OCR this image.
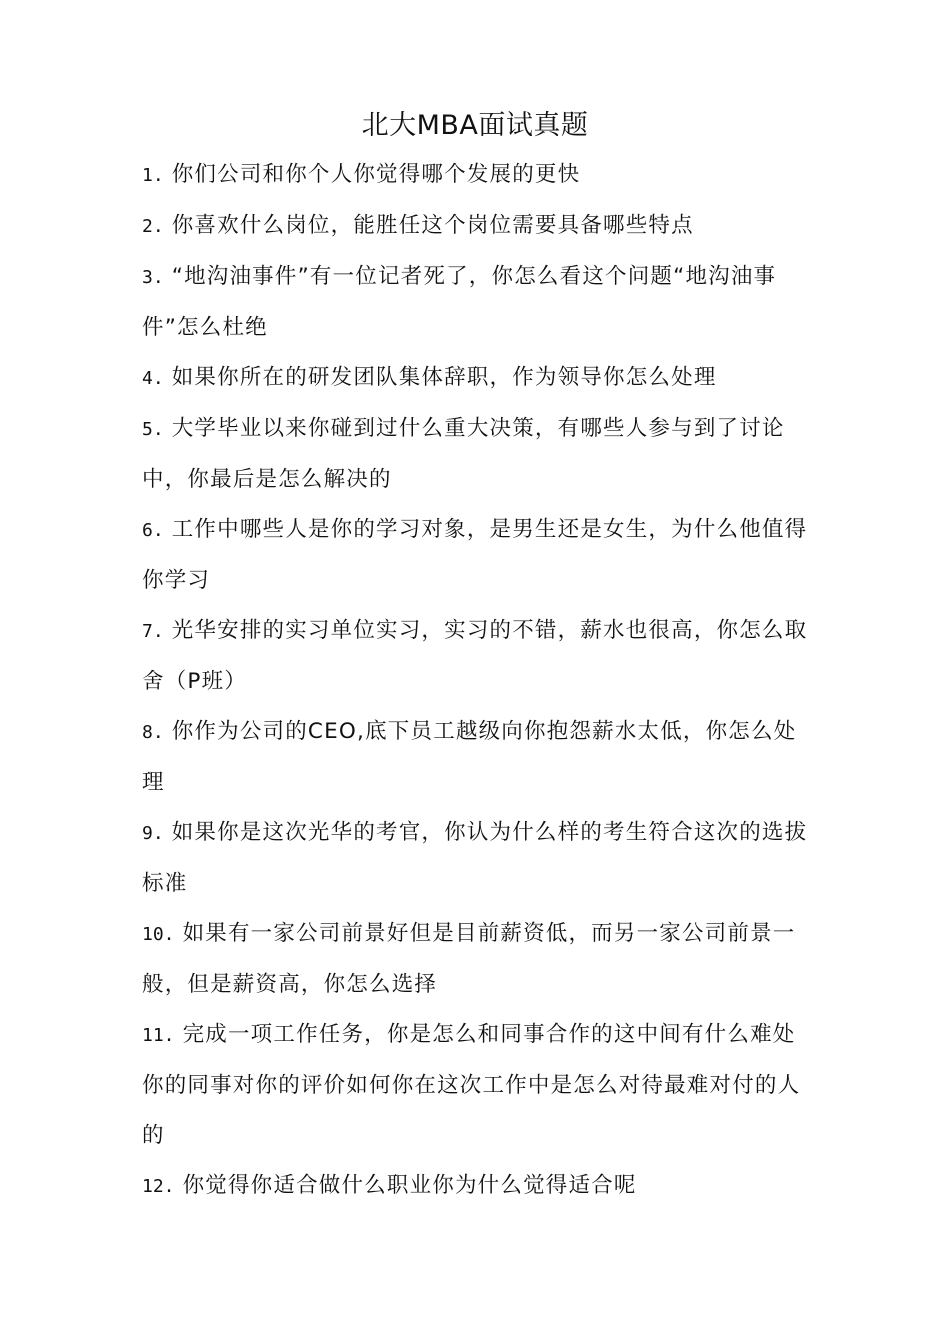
北大MBA面试真题
1. 你们公司和你个人你觉得哪个发展的更快
2. 你喜欢什么岗位，能胜任这个岗位需要具备哪些特点
3. “地沟油事件”有一位记者死了，你怎么看这个问题“地沟油事件”怎么杜绝
4. 如果你所在的研发团队集体辞职，作为领导你怎么处理
5. 大学毕业以来你碰到过什么重大决策，有哪些人参与到了讨论中，你最后是怎么解决的
6. 工作中哪些人是你的学习对象，是男生还是女生，为什么他值得你学习
7. 光华安排的实习单位实习，实习的不错，薪水也很高，你怎么取舍（P班）
8. 你作为公司的CEO,底下员工越级向你抱怨薪水太低，你怎么处理
9. 如果你是这次光华的考官，你认为什么样的考生符合这次的选拔标准
10. 如果有一家公司前景好但是目前薪资低，而另一家公司前景一般，但是薪资高，你怎么选择
11. 完成一项工作任务，你是怎么和同事合作的这中间有什么难处你的同事对你的评价如何你在这次工作中是怎么对待最难对付的人的
12. 你觉得你适合做什么职业你为什么觉得适合呢
